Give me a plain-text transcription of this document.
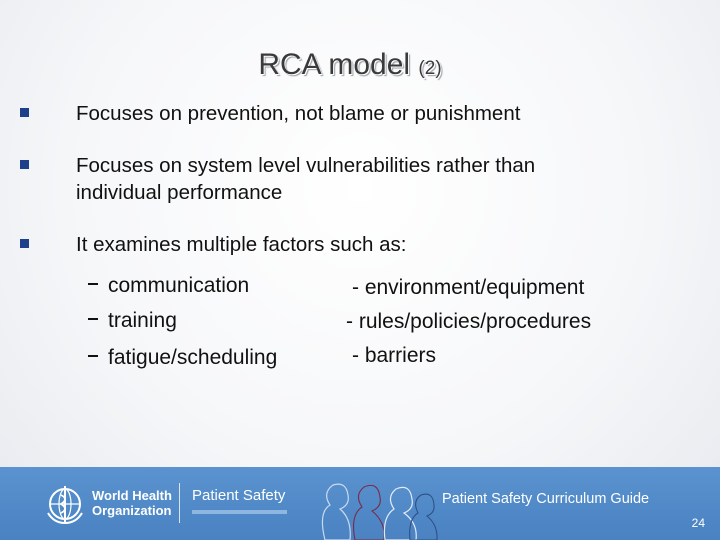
RCA model (2)
Focuses on prevention, not blame or punishment
Focuses on system level vulnerabilities rather than
individual performance
It examines multiple factors such as:
communication
training
fatigue/scheduling
- environment/equipment
- rules/policies/procedures
- barriers
World Health
Organization
Patient Safety	Patient Safety Curriculum Guide
24
